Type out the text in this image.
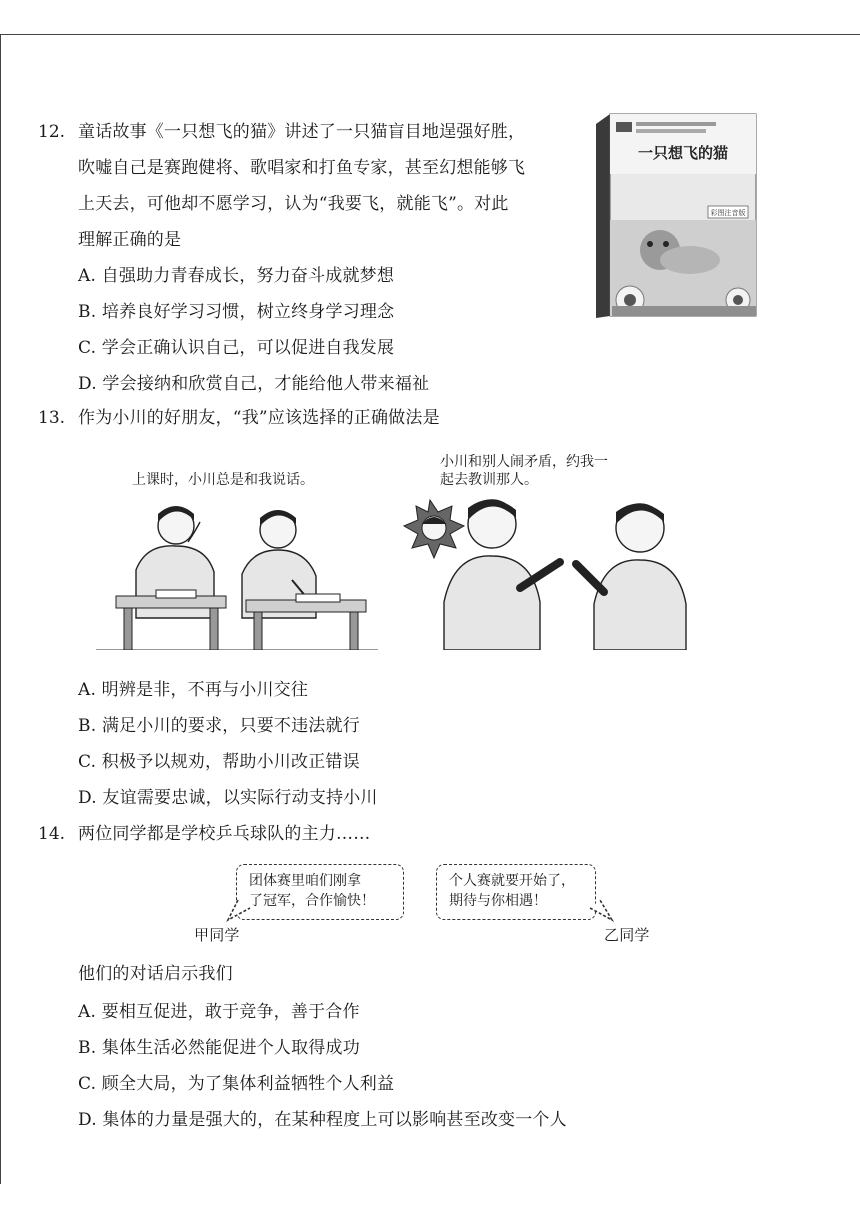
12. 童话故事《一只想飞的猫》讲述了一只猫盲目地逞强好胜，
吹嘘自己是赛跑健将、歌唱家和打鱼专家，甚至幻想能够飞
上天去，可他却不愿学习，认为“我要飞，就能飞”。对此
理解正确的是
A. 自强助力青春成长，努力奋斗成就梦想
B. 培养良好学习习惯，树立终身学习理念
C. 学会正确认识自己，可以促进自我发展
D. 学会接纳和欣赏自己，才能给他人带来福祉
一只想飞的猫
彩图注音版
13. 作为小川的好朋友，“我”应该选择的正确做法是
上课时，小川总是和我说话。
小川和别人闹矛盾，约我一
起去教训那人。
A. 明辨是非，不再与小川交往
B. 满足小川的要求，只要不违法就行
C. 积极予以规劝，帮助小川改正错误
D. 友谊需要忠诚，以实际行动支持小川
14. 两位同学都是学校乒乓球队的主力……
团体赛里咱们刚拿
了冠军，合作愉快！
个人赛就要开始了，
期待与你相遇！
甲同学	乙同学
他们的对话启示我们
A. 要相互促进，敢于竞争，善于合作
B. 集体生活必然能促进个人取得成功
C. 顾全大局，为了集体利益牺牲个人利益
D. 集体的力量是强大的，在某种程度上可以影响甚至改变一个人
